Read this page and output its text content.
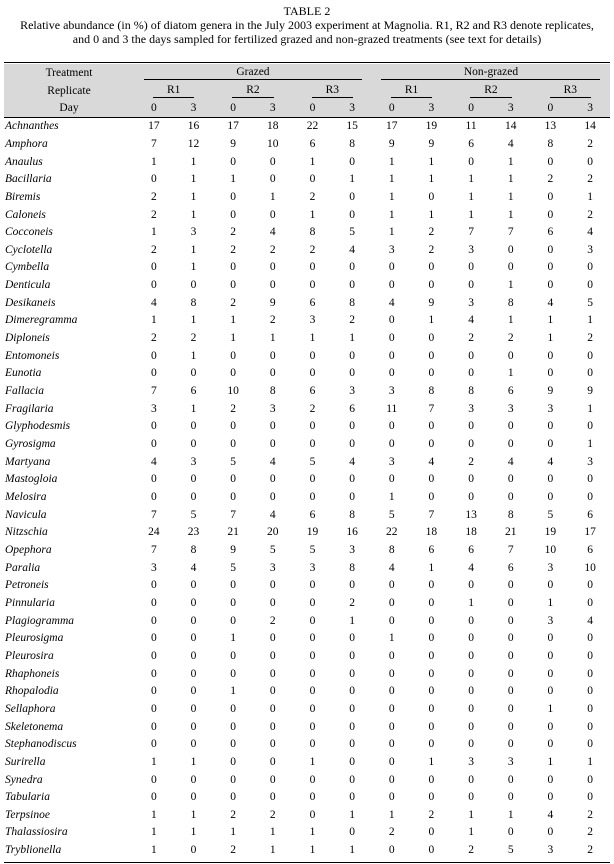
TABLE 2
Relative abundance (in %) of diatom genera in the July 2003 experiment at Magnolia. R1, R2 and R3 denote replicates,
and 0 and 3 the days sampled for fertilized grazed and non-grazed treatments (see text for details)
Treatment	Grazed						Non-grazed					
Replicate	R1		R2		R3		R1		R2		R3	
Day	0	3	0	3	0	3	0	3	0	3	0	3
Achnanthes	17	16	17	18	22	15	17	19	11	14	13	14
Amphora	7	12	9	10	6	8	9	9	6	4	8	2
Anaulus	1	1	0	0	1	0	1	1	0	1	0	0
Bacillaria	0	1	1	0	0	1	1	1	1	1	2	2
Biremis	2	1	0	1	2	0	1	0	1	1	0	1
Caloneis	2	1	0	0	1	0	1	1	1	1	0	2
Cocconeis	1	3	2	4	8	5	1	2	7	7	6	4
Cyclotella	2	1	2	2	2	4	3	2	3	0	0	3
Cymbella	0	1	0	0	0	0	0	0	0	0	0	0
Denticula	0	0	0	0	0	0	0	0	0	1	0	0
Desikaneis	4	8	2	9	6	8	4	9	3	8	4	5
Dimeregramma	1	1	1	2	3	2	0	1	4	1	1	1
Diploneis	2	2	1	1	1	1	0	0	2	2	1	2
Entomoneis	0	1	0	0	0	0	0	0	0	0	0	0
Eunotia	0	0	0	0	0	0	0	0	0	1	0	0
Fallacia	7	6	10	8	6	3	3	8	8	6	9	9
Fragilaria	3	1	2	3	2	6	11	7	3	3	3	1
Glyphodesmis	0	0	0	0	0	0	0	0	0	0	0	0
Gyrosigma	0	0	0	0	0	0	0	0	0	0	0	1
Martyana	4	3	5	4	5	4	3	4	2	4	4	3
Mastogloia	0	0	0	0	0	0	0	0	0	0	0	0
Melosira	0	0	0	0	0	0	1	0	0	0	0	0
Navicula	7	5	7	4	6	8	5	7	13	8	5	6
Nitzschia	24	23	21	20	19	16	22	18	18	21	19	17
Opephora	7	8	9	5	5	3	8	6	6	7	10	6
Paralia	3	4	5	3	3	8	4	1	4	6	3	10
Petroneis	0	0	0	0	0	0	0	0	0	0	0	0
Pinnularia	0	0	0	0	0	2	0	0	1	0	1	0
Plagiogramma	0	0	0	2	0	1	0	0	0	0	3	4
Pleurosigma	0	0	1	0	0	0	1	0	0	0	0	0
Pleurosira	0	0	0	0	0	0	0	0	0	0	0	0
Rhaphoneis	0	0	0	0	0	0	0	0	0	0	0	0
Rhopalodia	0	0	1	0	0	0	0	0	0	0	0	0
Sellaphora	0	0	0	0	0	0	0	0	0	0	1	0
Skeletonema	0	0	0	0	0	0	0	0	0	0	0	0
Stephanodiscus	0	0	0	0	0	0	0	0	0	0	0	0
Surirella	1	1	0	0	1	0	0	1	3	3	1	1
Synedra	0	0	0	0	0	0	0	0	0	0	0	0
Tabularia	0	0	0	0	0	0	0	0	0	0	0	0
Terpsinoe	1	1	2	2	0	1	1	2	1	1	4	2
Thalassiosira	1	1	1	1	1	0	2	0	1	0	0	2
Tryblionella	1	0	2	1	1	1	0	0	2	5	3	2
